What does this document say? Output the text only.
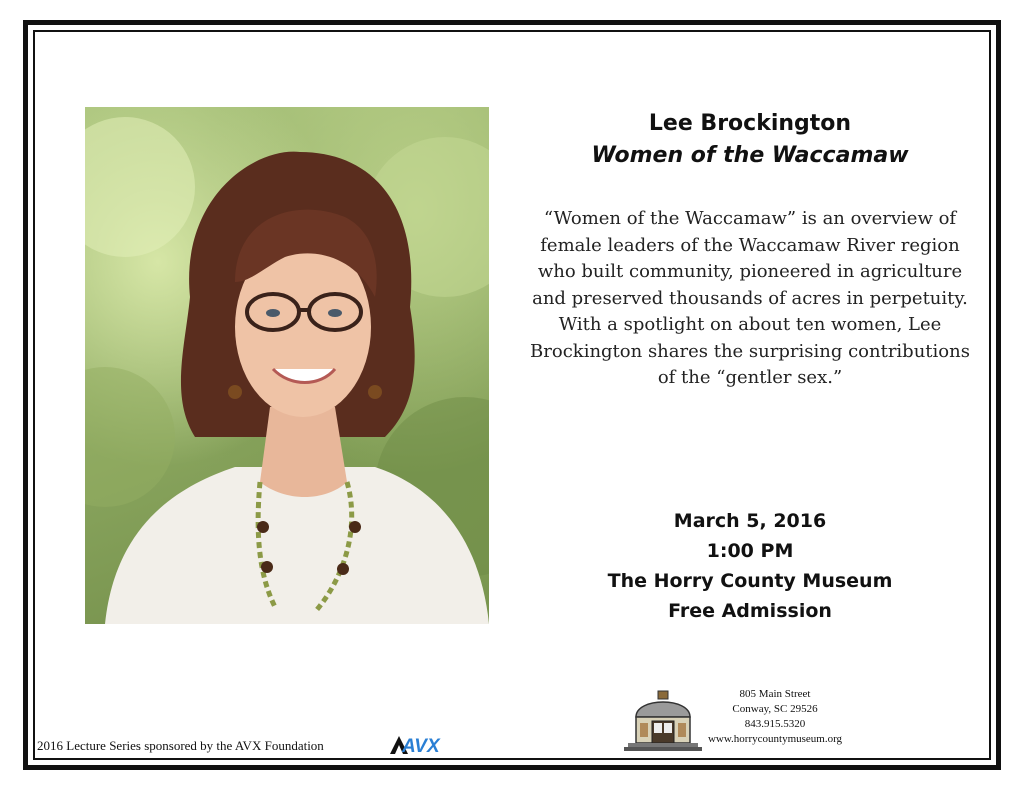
Lee Brockington
Women of the Waccamaw

“Women of the Waccamaw” is an overview of female leaders of the Waccamaw River region who built community, pioneered in agriculture and preserved thousands of acres in perpetuity. With a spotlight on about ten women, Lee Brockington shares the surprising contributions of the “gentler sex.”

March 5, 2016
1:00 PM
The Horry County Museum
Free Admission
805 Main Street
Conway, SC 29526
843.915.5320
www.horrycountymuseum.org
2016 Lecture Series sponsored by the AVX Foundation	AVX
